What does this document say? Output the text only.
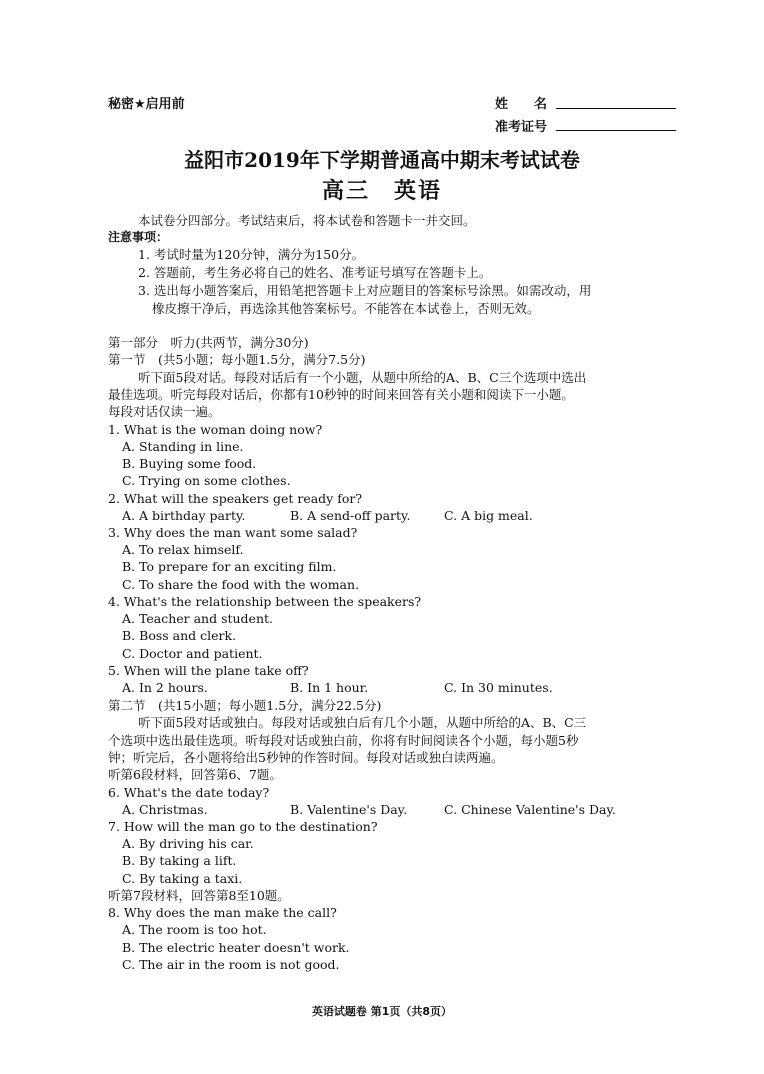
秘密★启用前	姓　　名
准考证号
益阳市2019年下学期普通高中期末考试试卷
高三　英语
本试卷分四部分。考试结束后，将本试卷和答题卡一并交回。
注意事项：
1. 考试时量为120分钟，满分为150分。
2. 答题前，考生务必将自己的姓名、准考证号填写在答题卡上。
3. 选出每小题答案后，用铅笔把答题卡上对应题目的答案标号涂黑。如需改动，用
橡皮擦干净后，再选涂其他答案标号。不能答在本试卷上，否则无效。
第一部分　听力(共两节，满分30分)
第一节　(共5小题；每小题1.5分，满分7.5分)
听下面5段对话。每段对话后有一个小题，从题中所给的A、B、C三个选项中选出
最佳选项。听完每段对话后，你都有10秒钟的时间来回答有关小题和阅读下一小题。
每段对话仅读一遍。
1. What is the woman doing now?
A. Standing in line.
B. Buying some food.
C. Trying on some clothes.
2. What will the speakers get ready for?
A. A birthday party.	B. A send-off party.	C. A big meal.
3. Why does the man want some salad?
A. To relax himself.
B. To prepare for an exciting film.
C. To share the food with the woman.
4. What's the relationship between the speakers?
A. Teacher and student.
B. Boss and clerk.
C. Doctor and patient.
5. When will the plane take off?
A. In 2 hours.	B. In 1 hour.	C. In 30 minutes.
第二节　(共15小题；每小题1.5分，满分22.5分)
听下面5段对话或独白。每段对话或独白后有几个小题，从题中所给的A、B、C三
个选项中选出最佳选项。听每段对话或独白前，你将有时间阅读各个小题，每小题5秒
钟；听完后，各小题将给出5秒钟的作答时间。每段对话或独白读两遍。
听第6段材料，回答第6、7题。
6. What's the date today?
A. Christmas.	B. Valentine's Day.	C. Chinese Valentine's Day.
7. How will the man go to the destination?
A. By driving his car.
B. By taking a lift.
C. By taking a taxi.
听第7段材料，回答第8至10题。
8. Why does the man make the call?
A. The room is too hot.
B. The electric heater doesn't work.
C. The air in the room is not good.
英语试题卷 第1页（共8页）
